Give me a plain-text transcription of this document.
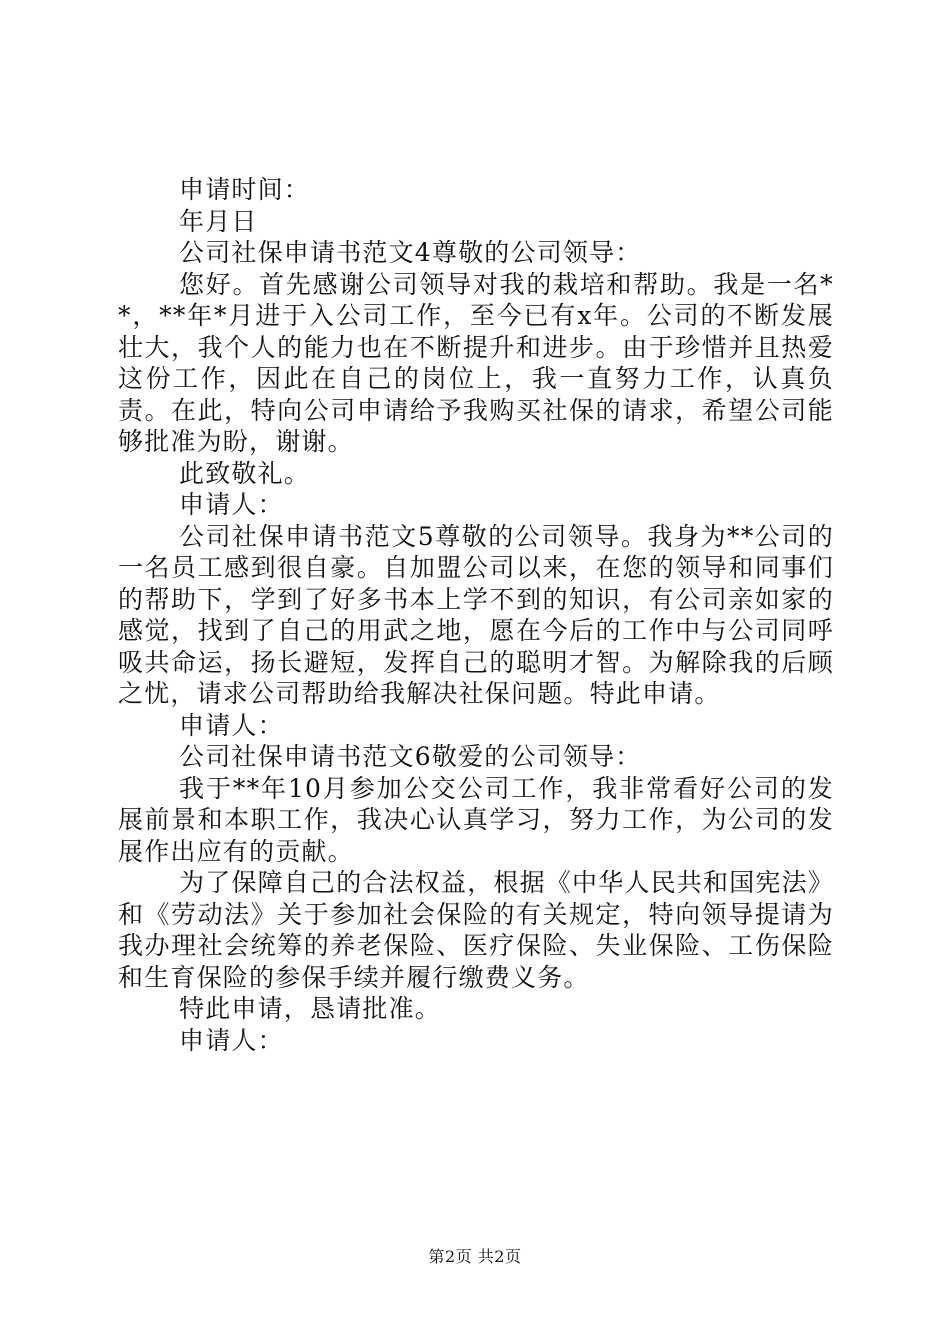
申请时间：

年月日

公司社保申请书范文4尊敬的公司领导：

您好。首先感谢公司领导对我的栽培和帮助。我是一名**，**年*月进于入公司工作，至今已有x年。公司的不断发展壮大，我个人的能力也在不断提升和进步。由于珍惜并且热爱这份工作，因此在自己的岗位上，我一直努力工作，认真负责。在此，特向公司申请给予我购买社保的请求，希望公司能够批准为盼，谢谢。

此致敬礼。

申请人：

公司社保申请书范文5尊敬的公司领导。我身为**公司的一名员工感到很自豪。自加盟公司以来，在您的领导和同事们的帮助下，学到了好多书本上学不到的知识，有公司亲如家的感觉，找到了自己的用武之地，愿在今后的工作中与公司同呼吸共命运，扬长避短，发挥自己的聪明才智。为解除我的后顾之忧，请求公司帮助给我解决社保问题。特此申请。

申请人：

公司社保申请书范文6敬爱的公司领导：

我于**年10月参加公交公司工作，我非常看好公司的发展前景和本职工作，我决心认真学习，努力工作，为公司的发展作出应有的贡献。

为了保障自己的合法权益，根据《中华人民共和国宪法》和《劳动法》关于参加社会保险的有关规定，特向领导提请为我办理社会统筹的养老保险、医疗保险、失业保险、工伤保险和生育保险的参保手续并履行缴费义务。

特此申请，恳请批准。

申请人：

第2页 共2页
